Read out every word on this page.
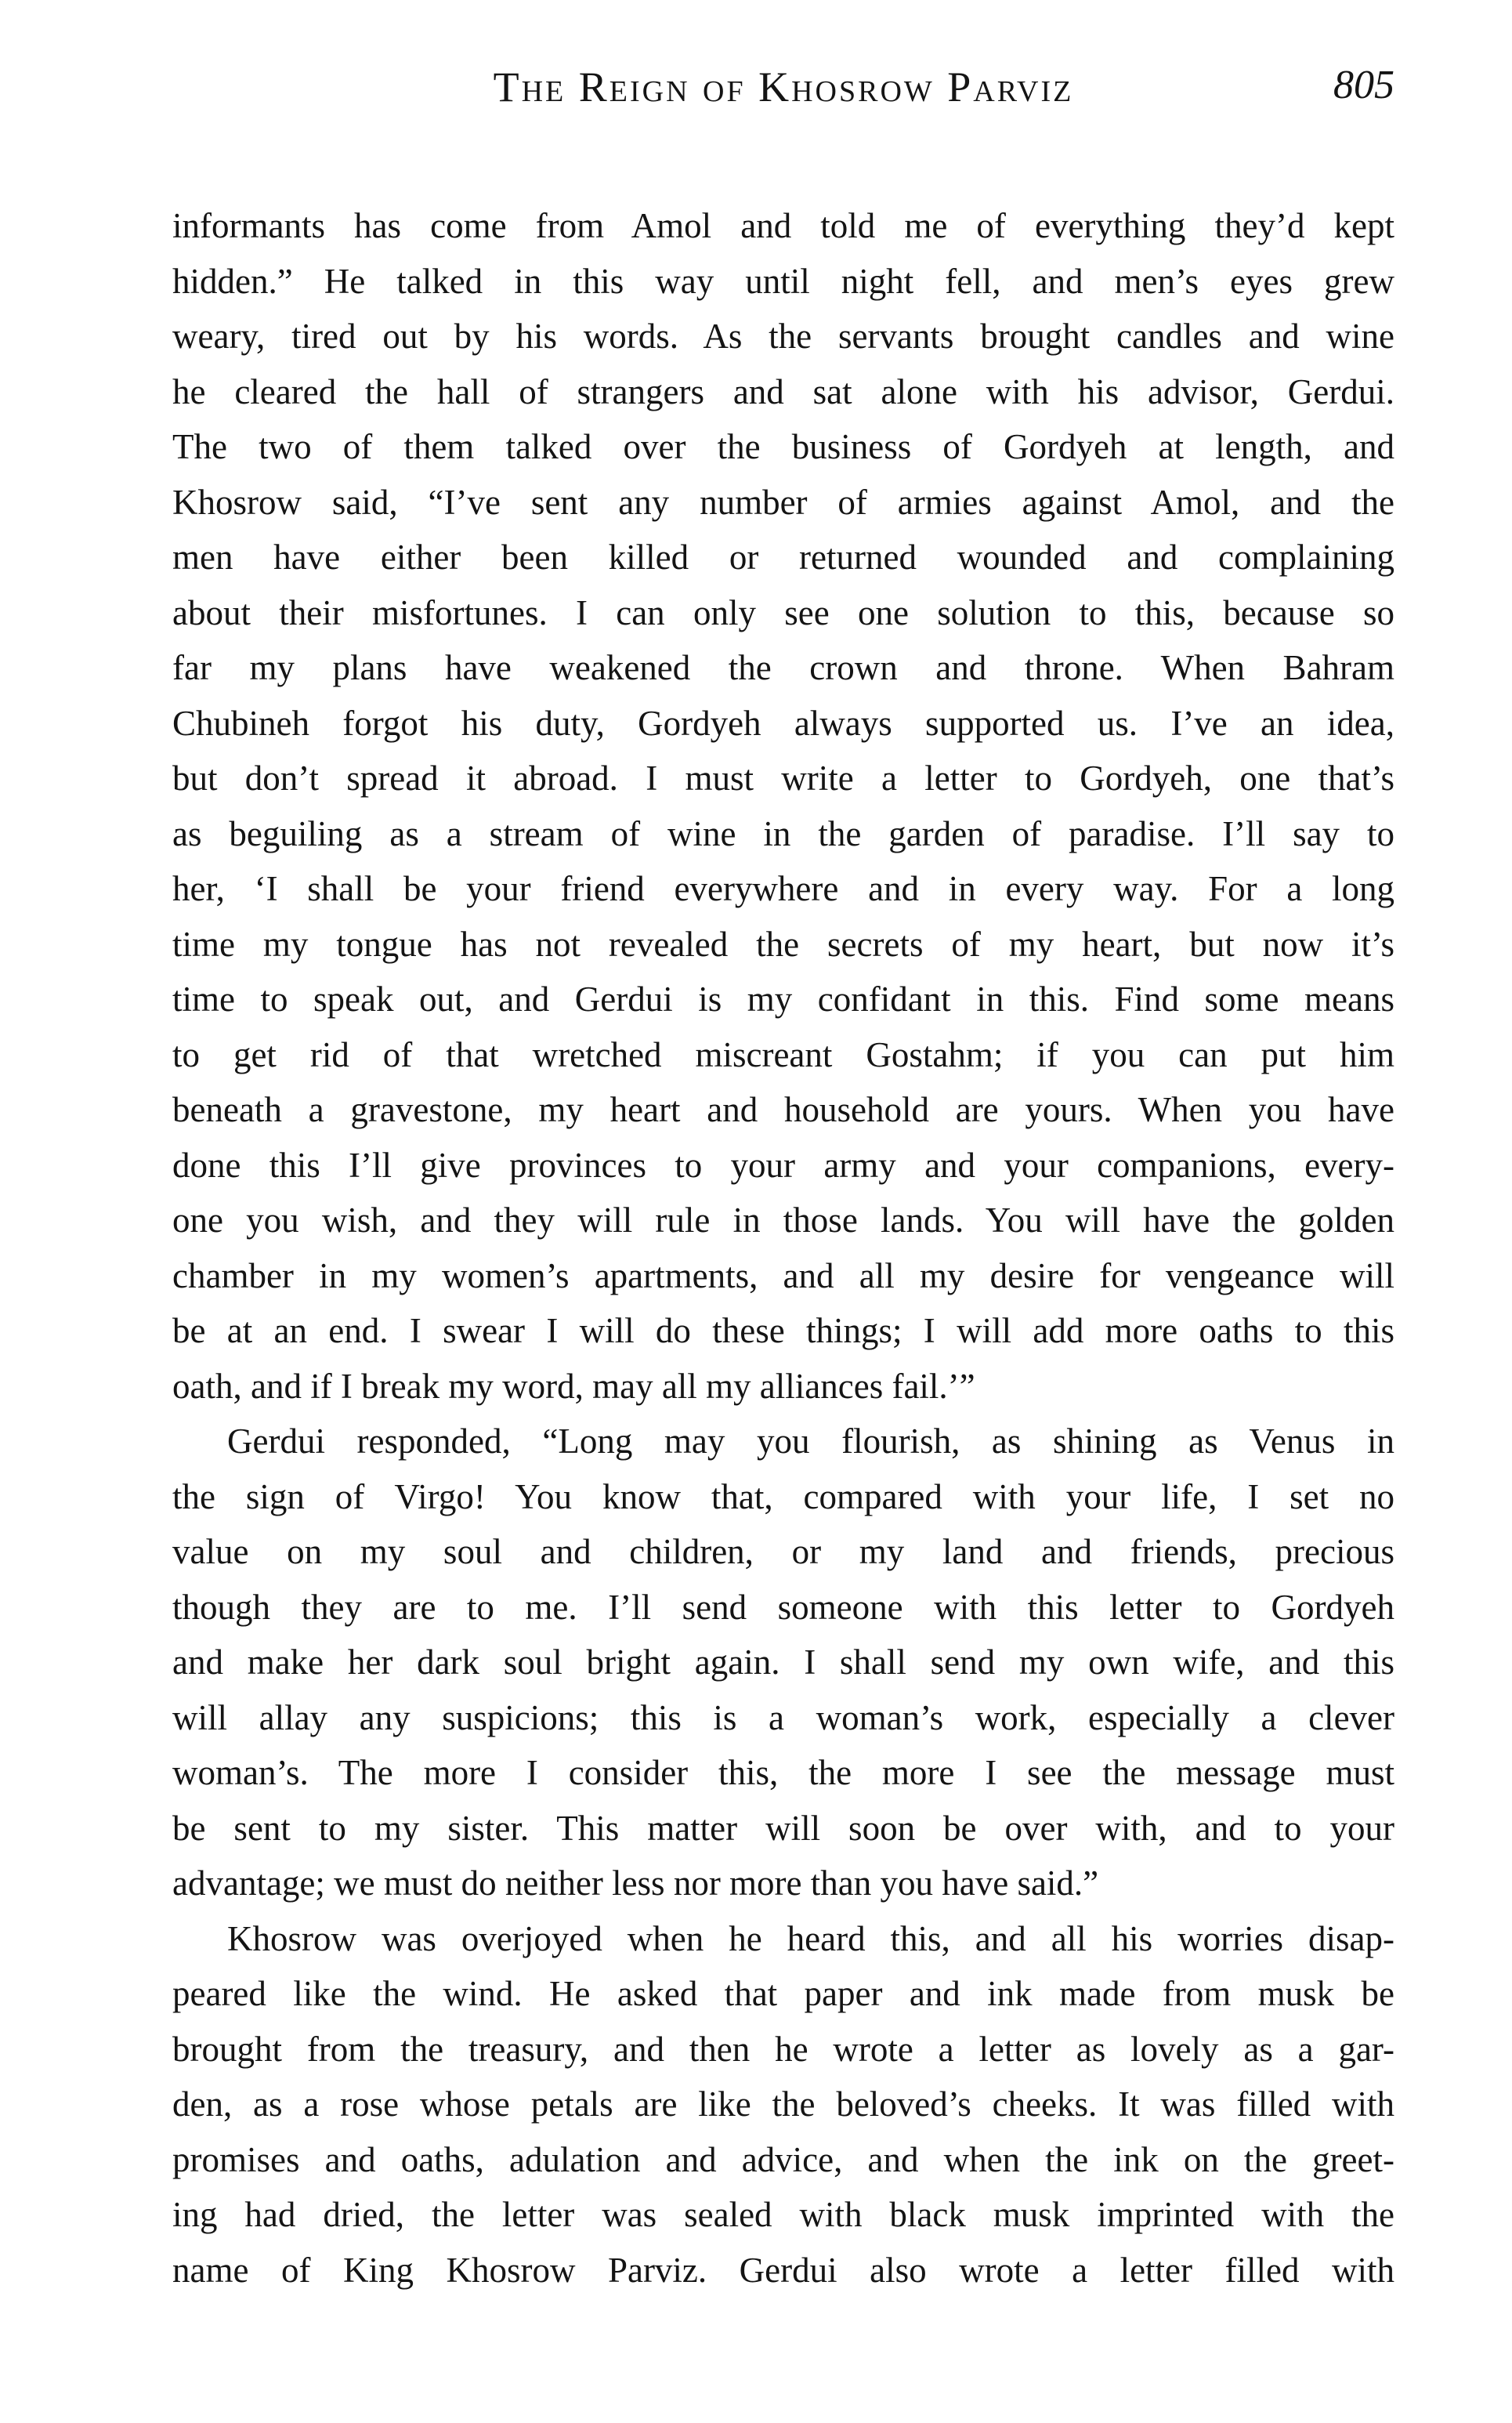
The Reign of Khosrow Parviz	805
informants has come from Amol and told me of everything they’d kept
hidden.” He talked in this way until night fell, and men’s eyes grew
weary, tired out by his words. As the servants brought candles and wine
he cleared the hall of strangers and sat alone with his advisor, Gerdui.
The two of them talked over the business of Gordyeh at length, and
Khosrow said, “I’ve sent any number of armies against Amol, and the
men have either been killed or returned wounded and complaining
about their misfortunes. I can only see one solution to this, because so
far my plans have weakened the crown and throne. When Bahram
Chubineh forgot his duty, Gordyeh always supported us. I’ve an idea,
but don’t spread it abroad. I must write a letter to Gordyeh, one that’s
as beguiling as a stream of wine in the garden of paradise. I’ll say to
her, ‘I shall be your friend everywhere and in every way. For a long
time my tongue has not revealed the secrets of my heart, but now it’s
time to speak out, and Gerdui is my confidant in this. Find some means
to get rid of that wretched miscreant Gostahm; if you can put him
beneath a gravestone, my heart and household are yours. When you have
done this I’ll give provinces to your army and your companions, every-
one you wish, and they will rule in those lands. You will have the golden
chamber in my women’s apartments, and all my desire for vengeance will
be at an end. I swear I will do these things; I will add more oaths to this
oath, and if I break my word, may all my alliances fail.’”
Gerdui responded, “Long may you flourish, as shining as Venus in
the sign of Virgo! You know that, compared with your life, I set no
value on my soul and children, or my land and friends, precious
though they are to me. I’ll send someone with this letter to Gordyeh
and make her dark soul bright again. I shall send my own wife, and this
will allay any suspicions; this is a woman’s work, especially a clever
woman’s. The more I consider this, the more I see the message must
be sent to my sister. This matter will soon be over with, and to your
advantage; we must do neither less nor more than you have said.”
Khosrow was overjoyed when he heard this, and all his worries disap-
peared like the wind. He asked that paper and ink made from musk be
brought from the treasury, and then he wrote a letter as lovely as a gar-
den, as a rose whose petals are like the beloved’s cheeks. It was filled with
promises and oaths, adulation and advice, and when the ink on the greet-
ing had dried, the letter was sealed with black musk imprinted with the
name of King Khosrow Parviz. Gerdui also wrote a letter filled with
